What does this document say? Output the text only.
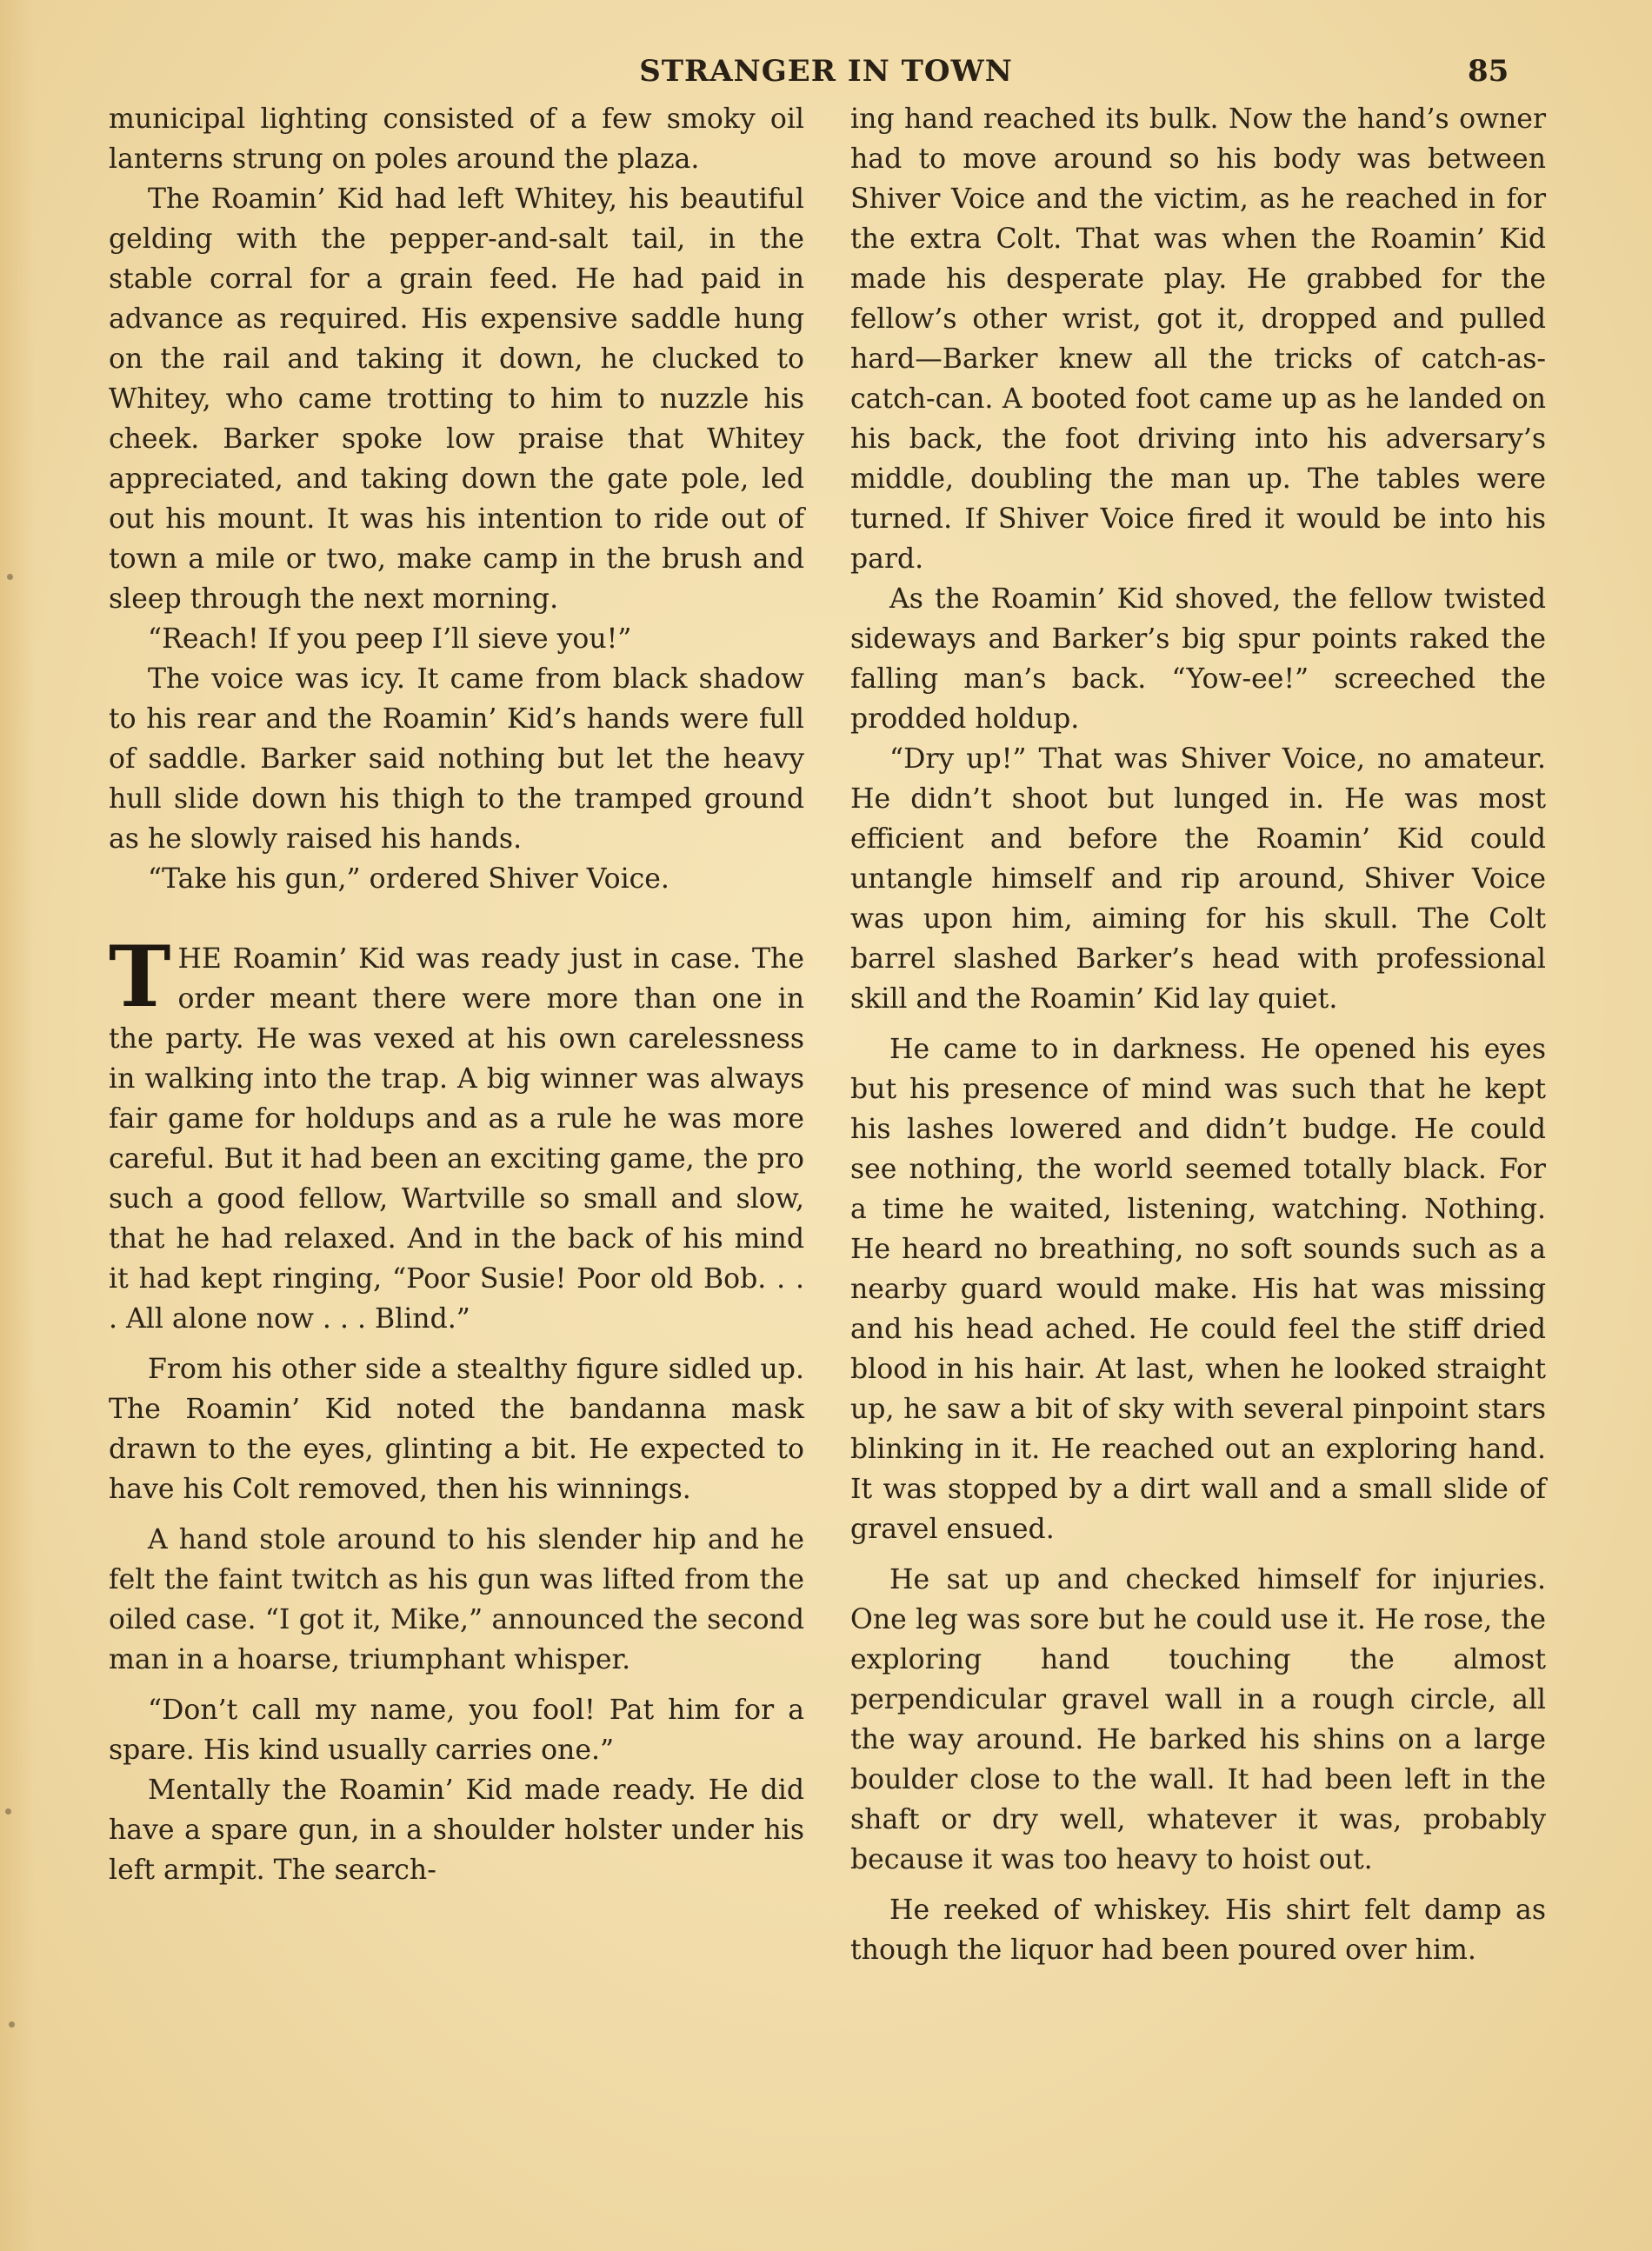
STRANGER IN TOWN	85

municipal lighting consisted of a few smoky oil lanterns strung on poles around the plaza.

The Roamin’ Kid had left Whitey, his beautiful gelding with the pepper-and-salt tail, in the stable corral for a grain feed. He had paid in advance as required. His expensive saddle hung on the rail and taking it down, he clucked to Whitey, who came trotting to him to nuzzle his cheek. Barker spoke low praise that Whitey appreciated, and taking down the gate pole, led out his mount. It was his intention to ride out of town a mile or two, make camp in the brush and sleep through the next morning.

“Reach! If you peep I’ll sieve you!”

The voice was icy. It came from black shadow to his rear and the Roamin’ Kid’s hands were full of saddle. Barker said nothing but let the heavy hull slide down his thigh to the tramped ground as he slowly raised his hands.

“Take his gun,” ordered Shiver Voice.

THE Roamin’ Kid was ready just in case. The order meant there were more than one in the party. He was vexed at his own carelessness in walking into the trap. A big winner was always fair game for holdups and as a rule he was more careful. But it had been an exciting game, the pro such a good fellow, Wartville so small and slow, that he had relaxed. And in the back of his mind it had kept ringing, “Poor Susie! Poor old Bob. . . . All alone now . . . Blind.”

From his other side a stealthy figure sidled up. The Roamin’ Kid noted the bandanna mask drawn to the eyes, glinting a bit. He expected to have his Colt removed, then his winnings.

A hand stole around to his slender hip and he felt the faint twitch as his gun was lifted from the oiled case. “I got it, Mike,” announced the second man in a hoarse, triumphant whisper.

“Don’t call my name, you fool! Pat him for a spare. His kind usually carries one.”

Mentally the Roamin’ Kid made ready. He did have a spare gun, in a shoulder holster under his left armpit. The search-

ing hand reached its bulk. Now the hand’s owner had to move around so his body was between Shiver Voice and the victim, as he reached in for the extra Colt. That was when the Roamin’ Kid made his desperate play. He grabbed for the fellow’s other wrist, got it, dropped and pulled hard—Barker knew all the tricks of catch-as-catch-can. A booted foot came up as he landed on his back, the foot driving into his adversary’s middle, doubling the man up. The tables were turned. If Shiver Voice fired it would be into his pard.

As the Roamin’ Kid shoved, the fellow twisted sideways and Barker’s big spur points raked the falling man’s back. “Yow-ee!” screeched the prodded holdup.

“Dry up!” That was Shiver Voice, no amateur. He didn’t shoot but lunged in. He was most efficient and before the Roamin’ Kid could untangle himself and rip around, Shiver Voice was upon him, aiming for his skull. The Colt barrel slashed Barker’s head with professional skill and the Roamin’ Kid lay quiet.

He came to in darkness. He opened his eyes but his presence of mind was such that he kept his lashes lowered and didn’t budge. He could see nothing, the world seemed totally black. For a time he waited, listening, watching. Nothing. He heard no breathing, no soft sounds such as a nearby guard would make. His hat was missing and his head ached. He could feel the stiff dried blood in his hair. At last, when he looked straight up, he saw a bit of sky with several pinpoint stars blinking in it. He reached out an exploring hand. It was stopped by a dirt wall and a small slide of gravel ensued.

He sat up and checked himself for injuries. One leg was sore but he could use it. He rose, the exploring hand touching the almost perpendicular gravel wall in a rough circle, all the way around. He barked his shins on a large boulder close to the wall. It had been left in the shaft or dry well, whatever it was, probably because it was too heavy to hoist out.

He reeked of whiskey. His shirt felt damp as though the liquor had been poured over him.
